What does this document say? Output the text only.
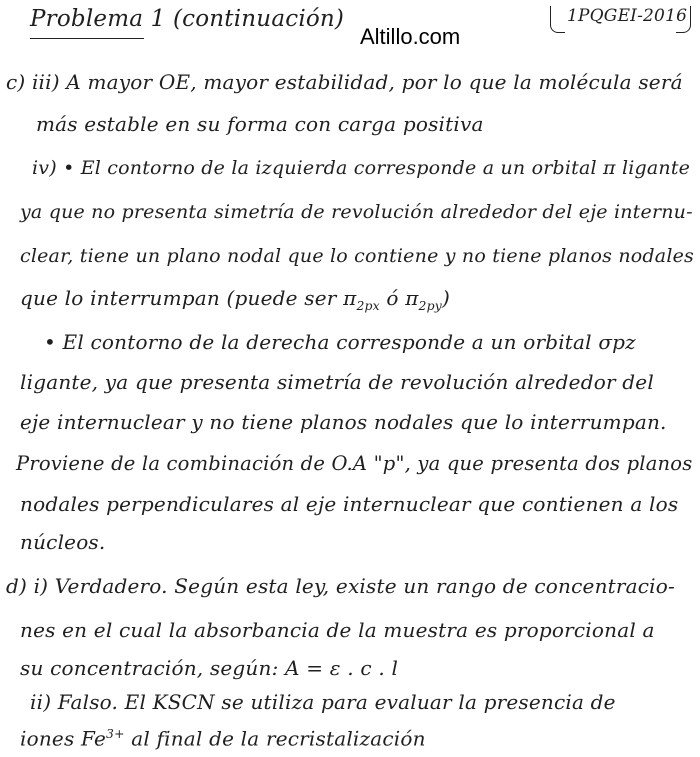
Problema 1 (continuación)
Altillo.com
1PQGEI-2016
c) iii) A mayor OE, mayor estabilidad, por lo que la molécula será
más estable en su forma con carga positiva
iv) • El contorno de la izquierda corresponde a un orbital π ligante
ya que no presenta simetría de revolución alrededor del eje internu-
clear, tiene un plano nodal que lo contiene y no tiene planos nodales
que lo interrumpan (puede ser $\pi_{2px}$ ó $\pi_{2py}$)
• El contorno de la derecha corresponde a un orbital σpz
ligante, ya que presenta simetría de revolución alrededor del
eje internuclear y no tiene planos nodales que lo interrumpan.
Proviene de la combinación de O.A "p", ya que presenta dos planos
nodales perpendiculares al eje internuclear que contienen a los
núcleos.
d) i) Verdadero. Según esta ley, existe un rango de concentracio-
nes en el cual la absorbancia de la muestra es proporcional a
su concentración, según: A = ε . c . l
ii) Falso. El KSCN se utiliza para evaluar la presencia de
iones $Fe^{3+}$ al final de la recristalización
